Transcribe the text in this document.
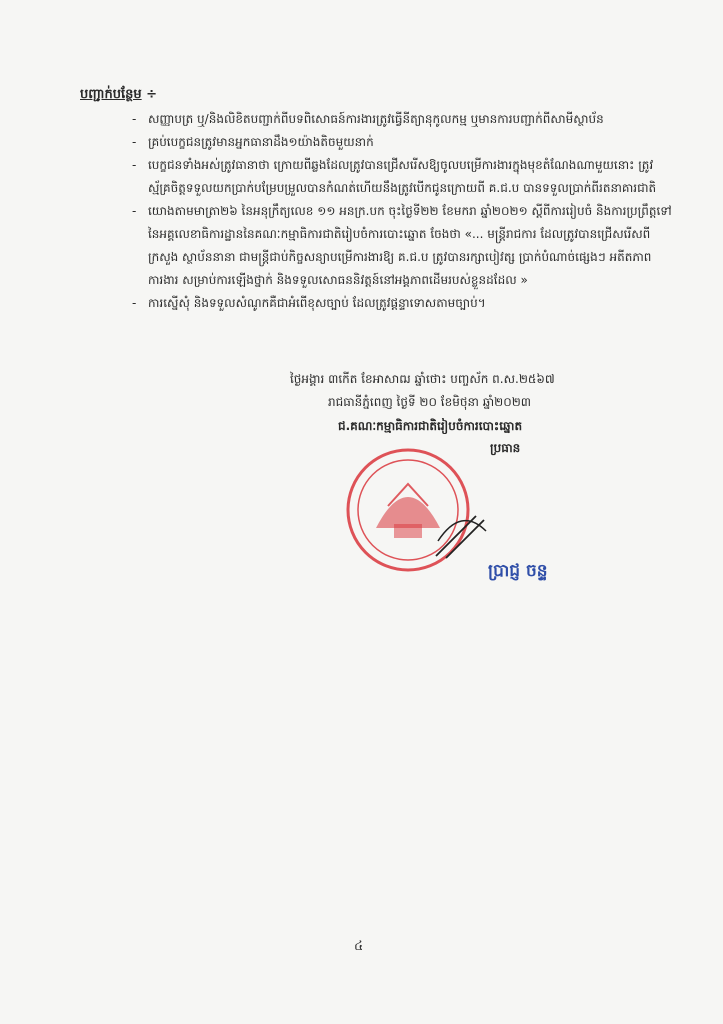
បញ្ជាក់បន្ថែម ÷
- សញ្ញាបត្រ ឬ/និងលិខិតបញ្ជាក់ពីបទពិសោធន៍ការងារត្រូវធ្វើនីត្យានុកូលកម្ម ឬមានការបញ្ជាក់ពីសាមីស្ថាប័ន
- គ្រប់បេក្ខជនត្រូវមានអ្នកធានាដឹង១យ៉ាងតិចមួយនាក់
- បេក្ខជនទាំងអស់ត្រូវធានាថា ក្រោយពីឆ្លងដែលត្រូវបានជ្រើសរើសឱ្យចូលបម្រើការងារក្នុងមុខតំណែងណាមួយនោះ ត្រូវស្ម័គ្រចិត្តទទួលយកប្រាក់បម្រែបម្រួលបានកំណត់ហើយនឹងត្រូវបើកជូនក្រោយពី គ.ជ.ប បានទទួលប្រាក់ពីរតនាគារជាតិ
- យោងតាមមាត្រា២៦ នៃអនុក្រឹត្យលេខ ១១ អនក្រ.បក ចុះថ្ងៃទី២២ ខែមករា ឆ្នាំ២០២១ ស្តីពីការរៀបចំ និងការប្រព្រឹត្តទៅនៃអគ្គលេខាធិការដ្ឋាននៃគណៈកម្មាធិការជាតិរៀបចំការបោះឆ្នោត ចែងថា «... មន្ត្រីរាជការ ដែលត្រូវបានជ្រើសរើសពីក្រសួង ស្ថាប័ននានា ជាមន្ត្រីជាប់កិច្ចសន្យាបម្រើការងារឱ្យ គ.ជ.ប ត្រូវបានរក្សាបៀវត្ស ប្រាក់បំណាច់ផ្សេងៗ អតីតភាពការងារ សម្រាប់ការឡើងថ្នាក់ និងទទួលសោធននិវត្តន៍នៅអង្គភាពដើមរបស់ខ្លួនដដែល »
- ការស្នើសុំ និងទទួលសំណូកគឺជាអំពើខុសច្បាប់ ដែលត្រូវផ្តន្ទាទោសតាមច្បាប់។
ថ្ងៃអង្គារ ៣កើត ខែអាសាឍ ឆ្នាំថោះ បញ្ចស័ក ព.ស.២៥៦៧
រាជធានីភ្នំពេញ ថ្ងៃទី ២០ ខែមិថុនា ឆ្នាំ២០២៣
ជ.គណៈកម្មាធិការជាតិរៀបចំការបោះឆ្នោត
ប្រធាន
ប្រាជ្ញ ចន្ទ
៤
